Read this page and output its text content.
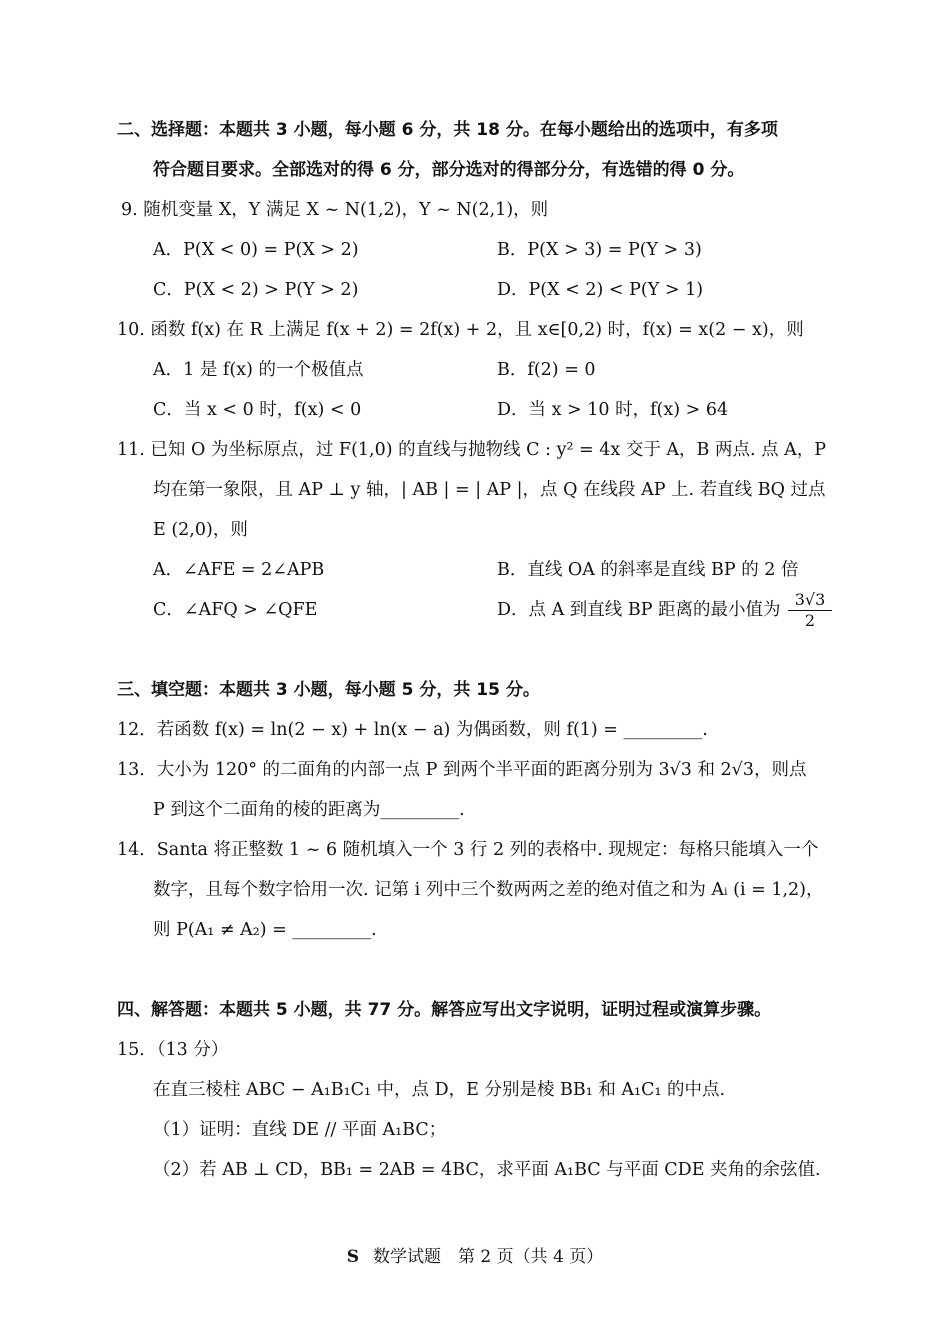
二、选择题：本题共 3 小题，每小题 6 分，共 18 分。在每小题给出的选项中，有多项
符合题目要求。全部选对的得 6 分，部分选对的得部分分，有选错的得 0 分。
9. 随机变量 X，Y 满足 X ~ N(1,2)，Y ~ N(2,1)，则
A．P(X < 0) = P(X > 2)	B．P(X > 3) = P(Y > 3)
C．P(X < 2) > P(Y > 2)	D．P(X < 2) < P(Y > 1)
10. 函数 f(x) 在 R 上满足 f(x + 2) = 2f(x) + 2，且 x∈[0,2) 时，f(x) = x(2 − x)，则
A．1 是 f(x) 的一个极值点	B．f(2) = 0
C．当 x < 0 时，f(x) < 0	D．当 x > 10 时，f(x) > 64
11. 已知 O 为坐标原点，过 F(1,0) 的直线与抛物线 C : y² = 4x 交于 A，B 两点. 点 A，P
均在第一象限，且 AP ⊥ y 轴，| AB | = | AP |，点 Q 在线段 AP 上. 若直线 BQ 过点
E (2,0)，则
A．∠AFE = 2∠APB	B．直线 OA 的斜率是直线 BP 的 2 倍
C．∠AFQ > ∠QFE	D．点 A 到直线 BP 距离的最小值为 $\frac{3√3}{2}$
三、填空题：本题共 3 小题，每小题 5 分，共 15 分。
12．若函数 f(x) = ln(2 − x) + ln(x − a) 为偶函数，则 f(1) = _________.
13．大小为 120° 的二面角的内部一点 P 到两个半平面的距离分别为 3√3 和 2√3，则点
P 到这个二面角的棱的距离为_________.
14．Santa 将正整数 1 ~ 6 随机填入一个 3 行 2 列的表格中. 现规定：每格只能填入一个
数字，且每个数字恰用一次. 记第 i 列中三个数两两之差的绝对值之和为 Aᵢ (i = 1,2)，
则 P(A₁ ≠ A₂) = _________.
四、解答题：本题共 5 小题，共 77 分。解答应写出文字说明，证明过程或演算步骤。
15．（13 分）
在直三棱柱 ABC − A₁B₁C₁ 中，点 D，E 分别是棱 BB₁ 和 A₁C₁ 的中点.
（1）证明：直线 DE // 平面 A₁BC；
（2）若 AB ⊥ CD，BB₁ = 2AB = 4BC，求平面 A₁BC 与平面 CDE 夹角的余弦值.
S 数学试题　第 2 页（共 4 页）
